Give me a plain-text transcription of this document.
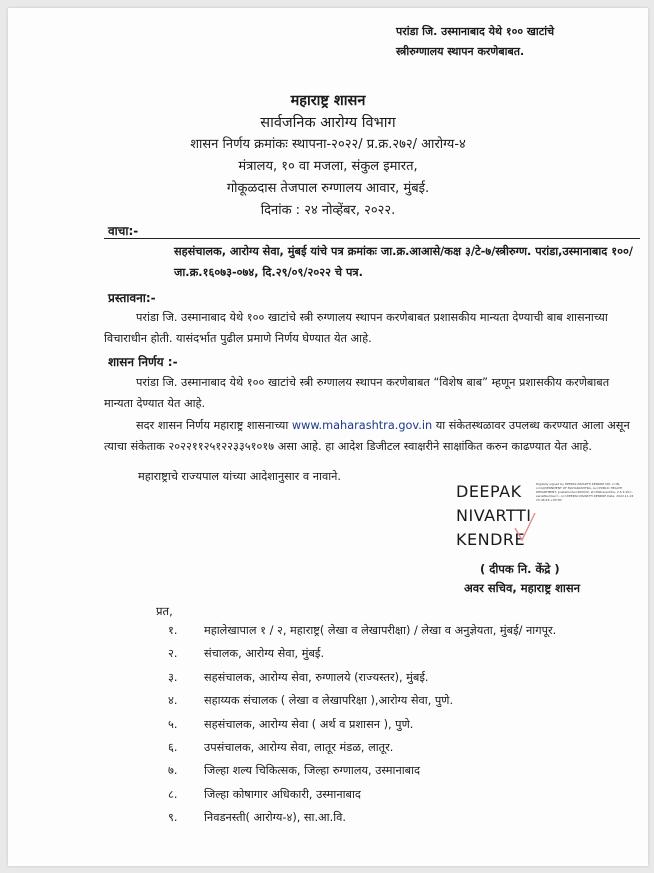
परांडा जि. उस्मानाबाद येथे १०० खाटांचे
स्त्रीरुग्णालय स्थापन करणेबाबत.
महाराष्ट्र शासन
सार्वजनिक आरोग्य विभाग
शासन निर्णय क्रमांकः स्थापना-२०२२/ प्र.क्र.२७२/ आरोग्य-४
मंत्रालय, १० वा मजला, संकुल इमारत,
गोकूळदास तेजपाल रुग्णालय आवार, मुंबई.
दिनांक : २४ नोव्हेंबर, २०२२.
वाचा:-
सहसंचालक, आरोग्य सेवा, मुंबई यांचे पत्र क्रमांकः जा.क्र.आआसे/कक्ष ३/टे-७/स्त्रीरुग्ण. परांडा,उस्मानाबाद १००/जा.क्र.१६०७३-०७४, दि.२९/०९/२०२२ चे पत्र.
प्रस्तावना:-
परांडा जि. उस्मानाबाद येथे १०० खाटांचे स्त्री रुग्णालय स्थापन करणेबाबत प्रशासकीय मान्यता देण्याची बाब शासनाच्या विचाराधीन होती. यासंदर्भात पुढील प्रमाणे निर्णय घेण्यात येत आहे.
शासन निर्णय :-
परांडा जि. उस्मानाबाद येथे १०० खाटांचे स्त्री रुग्णालय स्थापन करणेबाबत “विशेष बाब” म्हणून प्रशासकीय करणेबाबत मान्यता देण्यात येत आहे.
सदर शासन निर्णय महाराष्ट्र शासनाच्या www.maharashtra.gov.in या संकेतस्थळावर उपलब्ध करण्यात आला असून त्याचा संकेताक २०२२११२५१२२३३५१०१७ असा आहे. हा आदेश डिजीटल स्वाक्षरीने साक्षांकित करुन काढण्यात येत आहे.
महाराष्ट्राचे राज्यपाल यांच्या आदेशानुसार व नावाने.
DEEPAK
NIVARTTI
KENDRE
Digitally signed by DEEPAK NIVARTTI KENDRE DN: c=IN, o=GOVERNMENT OF MAHARASHTRA, ou=PUBLIC HEALTH DEPARTMENT, postalCode=400032, st=Maharashtra, 2.5.4.20=, serialNumber=, cn=DEEPAK NIVARTTI KENDRE Date: 2022.11.24 15:46:26 +05'30'
( दीपक नि. केंद्रे )
अवर सचिव, महाराष्ट्र शासन
प्रत,
१. महालेखापाल १ / २, महाराष्ट्र( लेखा व लेखापरीक्षा) / लेखा व अनुज्ञेयता, मुंबई/ नागपूर.
२. संचालक, आरोग्य सेवा, मुंबई.
३. सहसंचालक, आरोग्य सेवा, रुग्णालये (राज्यस्तर), मुंबई.
४. सहाय्यक संचालक ( लेखा व लेखापरिक्षा ),आरोग्य सेवा, पुणे.
५. सहसंचालक, आरोग्य सेवा ( अर्थ व प्रशासन ), पुणे.
६. उपसंचालक, आरोग्य सेवा, लातूर मंडळ, लातूर.
७. जिल्हा शल्य चिकित्सक, जिल्हा रुग्णालय, उस्मानाबाद
८. जिल्हा कोषागार अधिकारी, उस्मानाबाद
९. निवडनस्ती( आरोग्य-४), सा.आ.वि.
